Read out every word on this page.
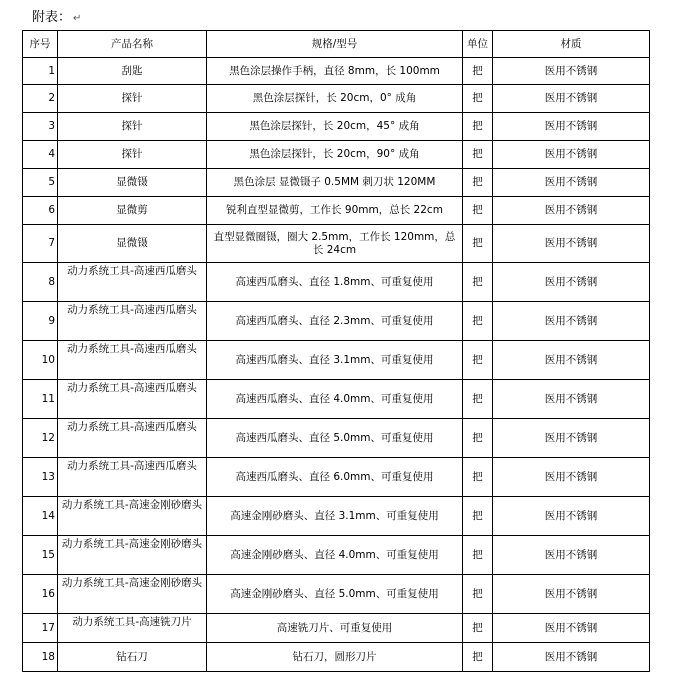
附表： ↵
序号	产品名称	规格/型号	单位	材质
1	刮匙	黑色涂层操作手柄，直径 8mm，长 100mm	把	医用不锈钢
2	探针	黑色涂层探针，长 20cm，0° 成角	把	医用不锈钢
3	探针	黑色涂层探针，长 20cm，45° 成角	把	医用不锈钢
4	探针	黑色涂层探针，长 20cm，90° 成角	把	医用不锈钢
5	显微镊	黑色涂层 显微镊子 0.5MM 刺刀状 120MM	把	医用不锈钢
6	显微剪	锐利直型显微剪，工作长 90mm，总长 22cm	把	医用不锈钢
7	显微镊	直型显微圈镊，圈大 2.5mm，工作长 120mm，总长 24cm	把	医用不锈钢
8	动力系统工具-高速西瓜磨头	高速西瓜磨头、直径 1.8mm、可重复使用	把	医用不锈钢
9	动力系统工具-高速西瓜磨头	高速西瓜磨头、直径 2.3mm、可重复使用	把	医用不锈钢
10	动力系统工具-高速西瓜磨头	高速西瓜磨头、直径 3.1mm、可重复使用	把	医用不锈钢
11	动力系统工具-高速西瓜磨头	高速西瓜磨头、直径 4.0mm、可重复使用	把	医用不锈钢
12	动力系统工具-高速西瓜磨头	高速西瓜磨头、直径 5.0mm、可重复使用	把	医用不锈钢
13	动力系统工具-高速西瓜磨头	高速西瓜磨头、直径 6.0mm、可重复使用	把	医用不锈钢
14	动力系统工具-高速金刚砂磨头	高速金刚砂磨头、直径 3.1mm、可重复使用	把	医用不锈钢
15	动力系统工具-高速金刚砂磨头	高速金刚砂磨头、直径 4.0mm、可重复使用	把	医用不锈钢
16	动力系统工具-高速金刚砂磨头	高速金刚砂磨头、直径 5.0mm、可重复使用	把	医用不锈钢
17	动力系统工具-高速铣刀片	高速铣刀片、可重复使用	把	医用不锈钢
18	钻石刀	钻石刀，圆形刀片	把	医用不锈钢
